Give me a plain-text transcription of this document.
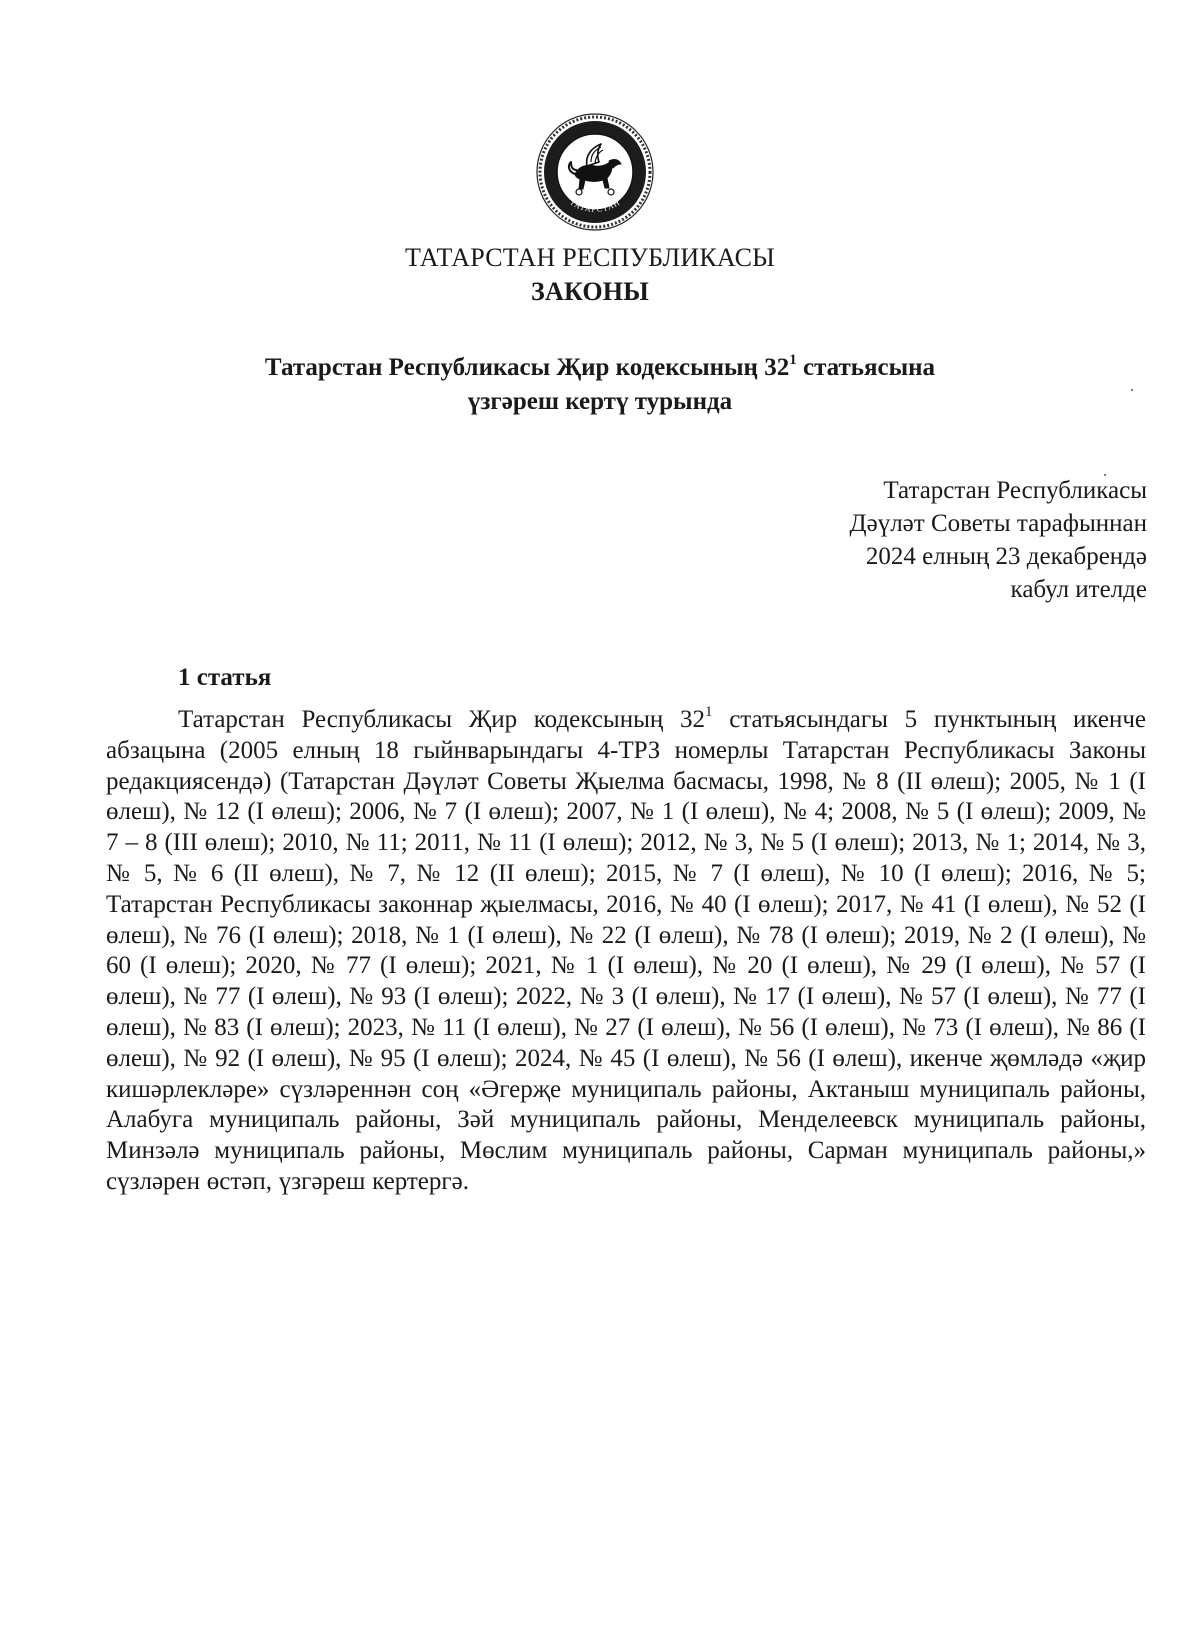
ТАТАРСТАН
ТАТАРСТАН РЕСПУБЛИКАСЫ
ЗАКОНЫ
Татарстан Республикасы Җир кодексының $32^1$ статьясына
үзгәреш кертү турында
Татарстан Республикасы
Дәүләт Советы тарафыннан
2024 елның 23 декабрендә
кабул ителде
1 статья
Татарстан Республикасы Җир кодексының $32^1$ статьясындагы 5 пунктының икенче абзацына (2005 елның 18 гыйнварындагы 4-ТРЗ номерлы Татарстан Республикасы Законы редакциясендә) (Татарстан Дәүләт Советы Җыелма басмасы, 1998, № 8 (II өлеш); 2005, № 1 (I өлеш), № 12 (I өлеш); 2006, № 7 (I өлеш); 2007, № 1 (I өлеш), № 4; 2008, № 5 (I өлеш); 2009, № 7 – 8 (III өлеш); 2010, № 11; 2011, № 11 (I өлеш); 2012, № 3, № 5 (I өлеш); 2013, № 1; 2014, № 3, № 5, № 6 (II өлеш), № 7, № 12 (II өлеш); 2015, № 7 (I өлеш), № 10 (I өлеш); 2016, № 5; Татарстан Республикасы законнар җыелмасы, 2016, № 40 (I өлеш); 2017, № 41 (I өлеш), № 52 (I өлеш), № 76 (I өлеш); 2018, № 1 (I өлеш), № 22 (I өлеш), № 78 (I өлеш); 2019, № 2 (I өлеш), № 60 (I өлеш); 2020, № 77 (I өлеш); 2021, № 1 (I өлеш), № 20 (I өлеш), № 29 (I өлеш), № 57 (I өлеш), № 77 (I өлеш), № 93 (I өлеш); 2022, № 3 (I өлеш), № 17 (I өлеш), № 57 (I өлеш), № 77 (I өлеш), № 83 (I өлеш); 2023, № 11 (I өлеш), № 27 (I өлеш), № 56 (I өлеш), № 73 (I өлеш), № 86 (I өлеш), № 92 (I өлеш), № 95 (I өлеш); 2024, № 45 (I өлеш), № 56 (I өлеш), икенче җөмләдә «җир кишәрлекләре» сүзләреннән соң «Әгерҗе муниципаль районы, Актаныш муниципаль районы, Алабуга муниципаль районы, Зәй муниципаль районы, Менделеевск муниципаль районы, Минзәлә муниципаль районы, Мөслим муниципаль районы, Сарман муниципаль районы,» сүзләрен өстәп, үзгәреш кертергә.
